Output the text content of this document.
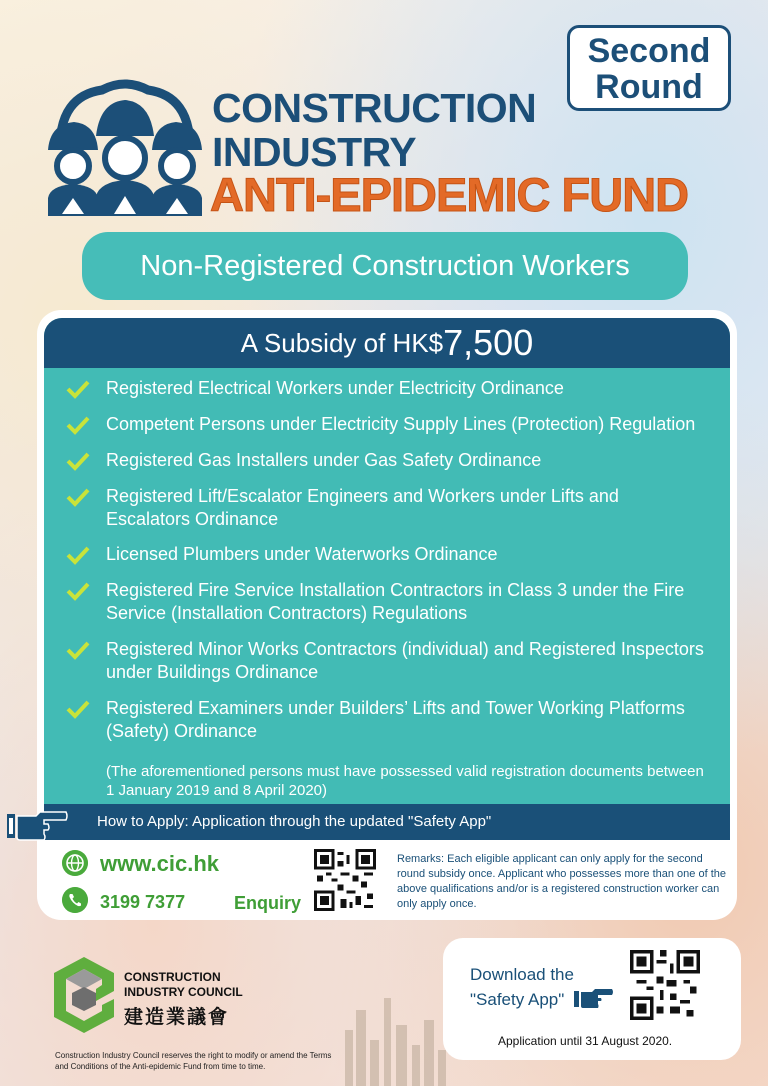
Second
Round
CONSTRUCTION
INDUSTRY
ANTI-EPIDEMIC FUND
Non-Registered Construction Workers
A Subsidy of HK$7,500
Registered Electrical Workers under Electricity Ordinance
Competent Persons under Electricity Supply Lines (Protection) Regulation
Registered Gas Installers under Gas Safety Ordinance
Registered Lift/Escalator Engineers and Workers under Lifts and Escalators Ordinance
Licensed Plumbers under Waterworks Ordinance
Registered Fire Service Installation Contractors in Class 3 under the Fire Service (Installation Contractors) Regulations
Registered Minor Works Contractors (individual) and Registered Inspectors under Buildings Ordinance
Registered Examiners under Builders’ Lifts and Tower Working Platforms (Safety) Ordinance
(The aforementioned persons must have possessed valid registration documents between 1 January 2019 and 8 April 2020)
How to Apply: Application through the updated "Safety App"
www.cic.hk
3199 7377	Enquiry
Remarks: Each eligible applicant can only apply for the second round subsidy once. Applicant who possesses more than one of the above qualifications and/or is a registered construction worker can only apply once.
CONSTRUCTION
INDUSTRY COUNCIL
建造業議會
Construction Industry Council reserves the right to modify or amend the Terms and Conditions of the Anti-epidemic Fund from time to time.
Download the
"Safety App"
Application until 31 August 2020.
